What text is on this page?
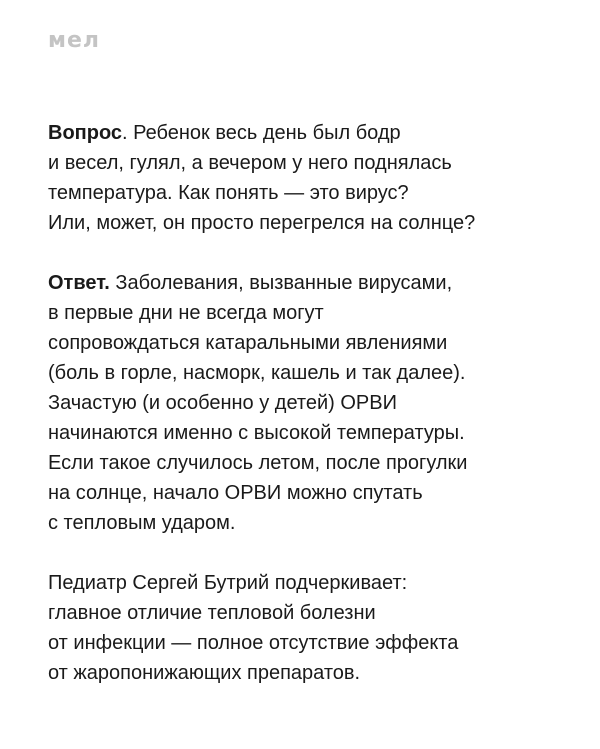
мел
Вопрос. Ребенок весь день был бодр
и весел, гулял, а вечером у него поднялась
температура. Как понять — это вирус?
Или, может, он просто перегрелся на солнце?
Ответ. Заболевания, вызванные вирусами,
в первые дни не всегда могут
сопровождаться катаральными явлениями
(боль в горле, насморк, кашель и так далее).
Зачастую (и особенно у детей) ОРВИ
начинаются именно с высокой температуры.
Если такое случилось летом, после прогулки
на солнце, начало ОРВИ можно спутать
с тепловым ударом.
Педиатр Сергей Бутрий подчеркивает:
главное отличие тепловой болезни
от инфекции — полное отсутствие эффекта
от жаропонижающих препаратов.
